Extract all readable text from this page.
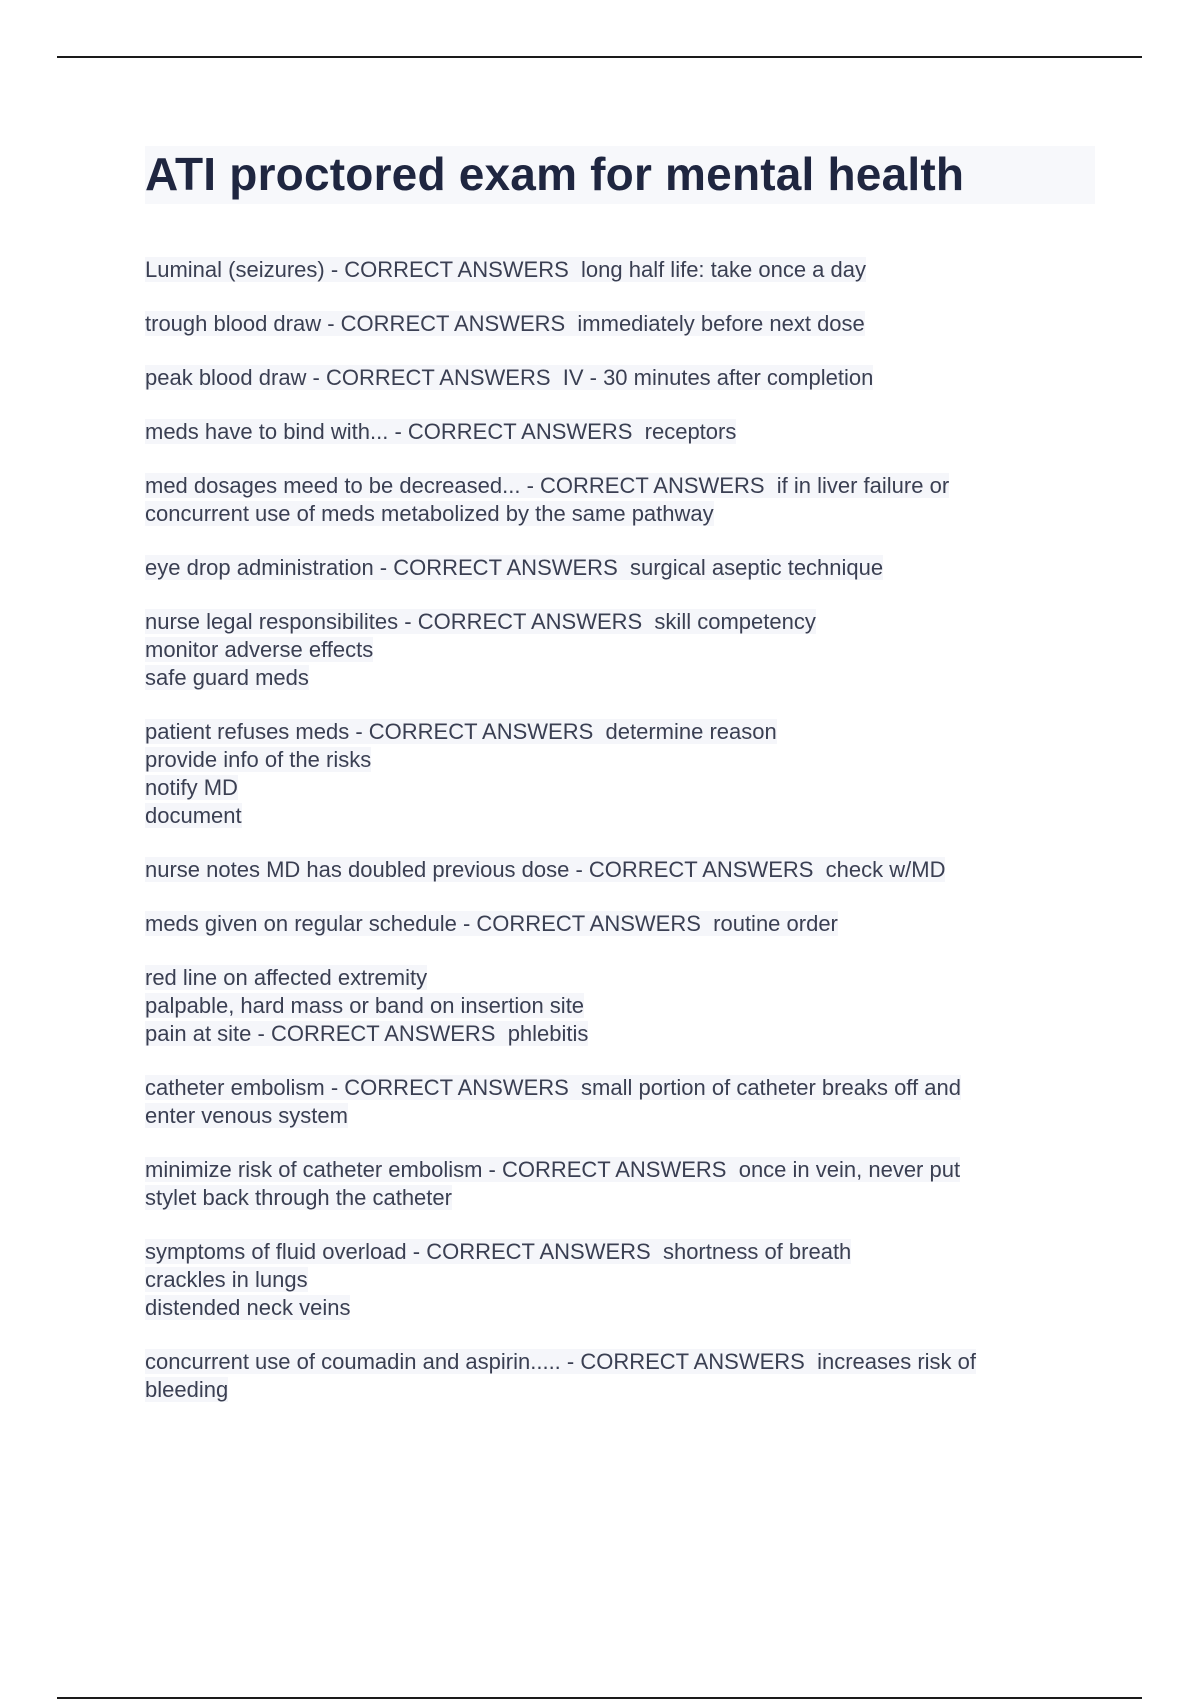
ATI proctored exam for mental health
Luminal (seizures) - CORRECT ANSWERS  long half life: take once a day
trough blood draw - CORRECT ANSWERS  immediately before next dose
peak blood draw - CORRECT ANSWERS  IV - 30 minutes after completion
meds have to bind with... - CORRECT ANSWERS  receptors
med dosages meed to be decreased... - CORRECT ANSWERS  if in liver failure or
concurrent use of meds metabolized by the same pathway
eye drop administration - CORRECT ANSWERS  surgical aseptic technique
nurse legal responsibilites - CORRECT ANSWERS  skill competency
monitor adverse effects
safe guard meds
patient refuses meds - CORRECT ANSWERS  determine reason
provide info of the risks
notify MD
document
nurse notes MD has doubled previous dose - CORRECT ANSWERS  check w/MD
meds given on regular schedule - CORRECT ANSWERS  routine order
red line on affected extremity
palpable, hard mass or band on insertion site
pain at site - CORRECT ANSWERS  phlebitis
catheter embolism - CORRECT ANSWERS  small portion of catheter breaks off and
enter venous system
minimize risk of catheter embolism - CORRECT ANSWERS  once in vein, never put
stylet back through the catheter
symptoms of fluid overload - CORRECT ANSWERS  shortness of breath
crackles in lungs
distended neck veins
concurrent use of coumadin and aspirin..... - CORRECT ANSWERS  increases risk of
bleeding
